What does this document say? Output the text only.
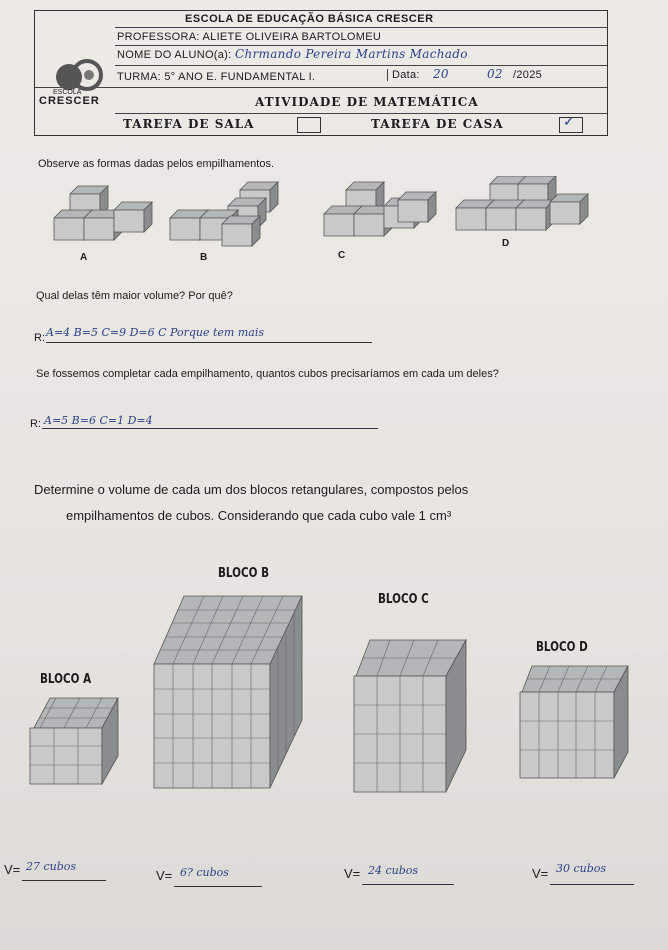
ESCOLA DE EDUCAÇÃO BÁSICA CRESCER
PROFESSORA: ALIETE OLIVEIRA BARTOLOMEU
NOME DO ALUNO(a): Chrmando Pereira Martins Machado
TURMA: 5° ANO E. FUNDAMENTAL I.	Data: 20	02 /2025
ESCOLA
CRESCER	ATIVIDADE DE MATEMÁTICA
TAREFA DE SALA	TAREFA DE CASA	✓
Observe as formas dadas pelos empilhamentos.
A	B	C
D
Qual delas têm maior volume? Por quê?
R: A=4 B=5 C=9 D=6 C Porque tem mais
Se fossemos completar cada empilhamento, quantos cubos precisaríamos em cada um deles?
R: A=5 B=6 C=1 D=4
Determine o volume de cada um dos blocos retangulares, compostos pelos
empilhamentos de cubos. Considerando que cada cubo vale 1 cm³
BLOCO B
BLOCO C
BLOCO D
BLOCO A
V= 27 cubos
V= 6? cubos	V= 24 cubos	V= 30 cubos
